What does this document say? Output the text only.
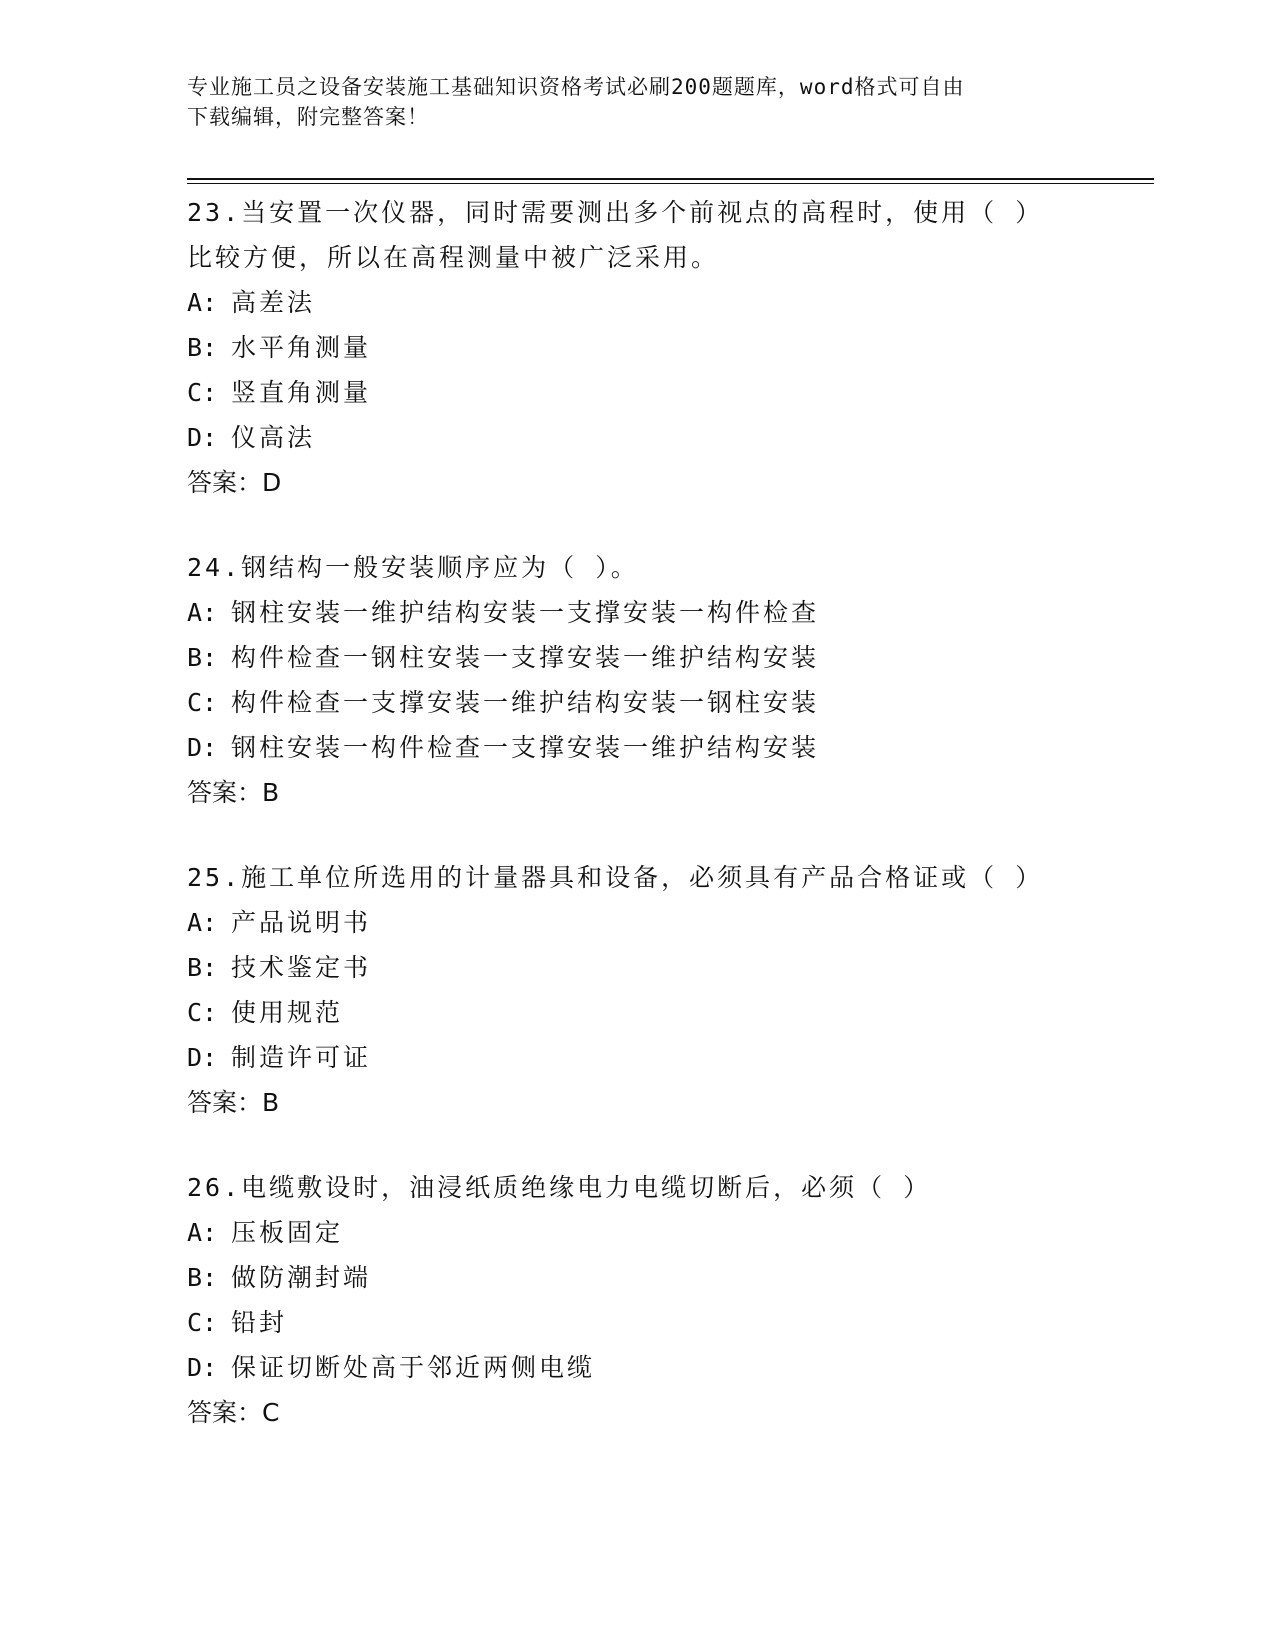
专业施工员之设备安装施工基础知识资格考试必刷200题题库，word格式可自由
下载编辑，附完整答案！
23.当安置一次仪器，同时需要测出多个前视点的高程时，使用（ ）
比较方便，所以在高程测量中被广泛采用。
A: 高差法
B: 水平角测量
C: 竖直角测量
D: 仪高法
答案：D
24.钢结构一般安装顺序应为（ ）。
A: 钢柱安装一维护结构安装一支撑安装一构件检查
B: 构件检查一钢柱安装一支撑安装一维护结构安装
C: 构件检查一支撑安装一维护结构安装一钢柱安装
D: 钢柱安装一构件检查一支撑安装一维护结构安装
答案：B
25.施工单位所选用的计量器具和设备，必须具有产品合格证或（ ）
A: 产品说明书
B: 技术鉴定书
C: 使用规范
D: 制造许可证
答案：B
26.电缆敷设时，油浸纸质绝缘电力电缆切断后，必须（ ）
A: 压板固定
B: 做防潮封端
C: 铅封
D: 保证切断处高于邻近两侧电缆
答案：C
